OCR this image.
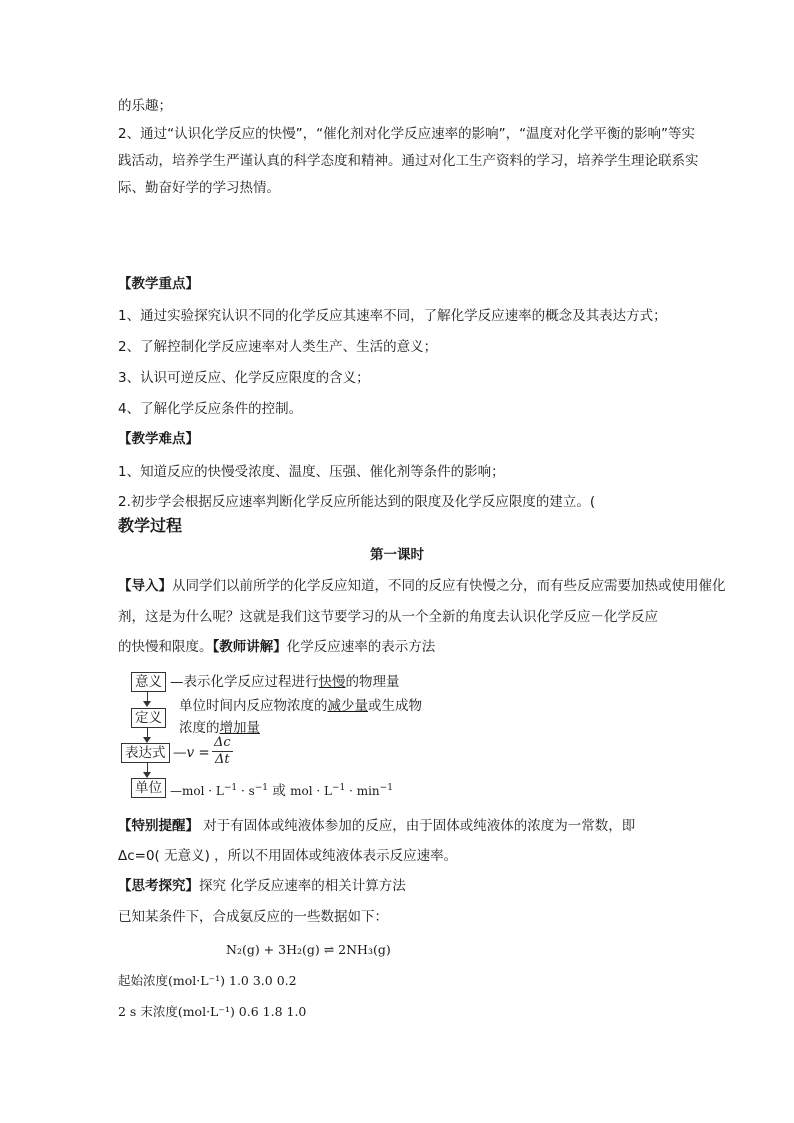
的乐趣；
2、通过“认识化学反应的快慢”，“催化剂对化学反应速率的影响”，“温度对化学平衡的影响”等实
践活动，培养学生严谨认真的科学态度和精神。通过对化工生产资料的学习，培养学生理论联系实
际、勤奋好学的学习热情。
【教学重点】
1、通过实验探究认识不同的化学反应其速率不同，了解化学反应速率的概念及其表达方式；
2、了解控制化学反应速率对人类生产、生活的意义；
3、认识可逆反应、化学反应限度的含义；
4、了解化学反应条件的控制。
【教学难点】
1、知道反应的快慢受浓度、温度、压强、催化剂等条件的影响；
2.初步学会根据反应速率判断化学反应所能达到的限度及化学反应限度的建立。(
教学过程
第一课时
【导入】从同学们以前所学的化学反应知道，不同的反应有快慢之分，而有些反应需要加热或使用催化
剂，这是为什么呢？这就是我们这节要学习的从一个全新的角度去认识化学反应－化学反应
的快慢和限度。【教师讲解】化学反应速率的表示方法
意义 —表示化学反应过程进行快慢的物理量
定义
单位时间内反应物浓度的减少量或生成物
浓度的增加量
表达式 —v = $\frac{\Delta c}{\Delta t}$
单位 —mol · $L^{-1} \cdot s^{-1}$ 或 mol · $L^{-1} \cdot \min^{-1}$
【特别提醒】 对于有固体或纯液体参加的反应，由于固体或纯液体的浓度为一常数，即
Δc=0( 无意义) ，所以不用固体或纯液体表示反应速率。
【思考探究】探究 化学反应速率的相关计算方法
已知某条件下，合成氨反应的一些数据如下：
N₂(g) + 3H₂(g) ⇌ 2NH₃(g)
起始浓度(mol·L⁻¹) 1.0 3.0 0.2
2 s 末浓度(mol·L⁻¹) 0.6 1.8 1.0
